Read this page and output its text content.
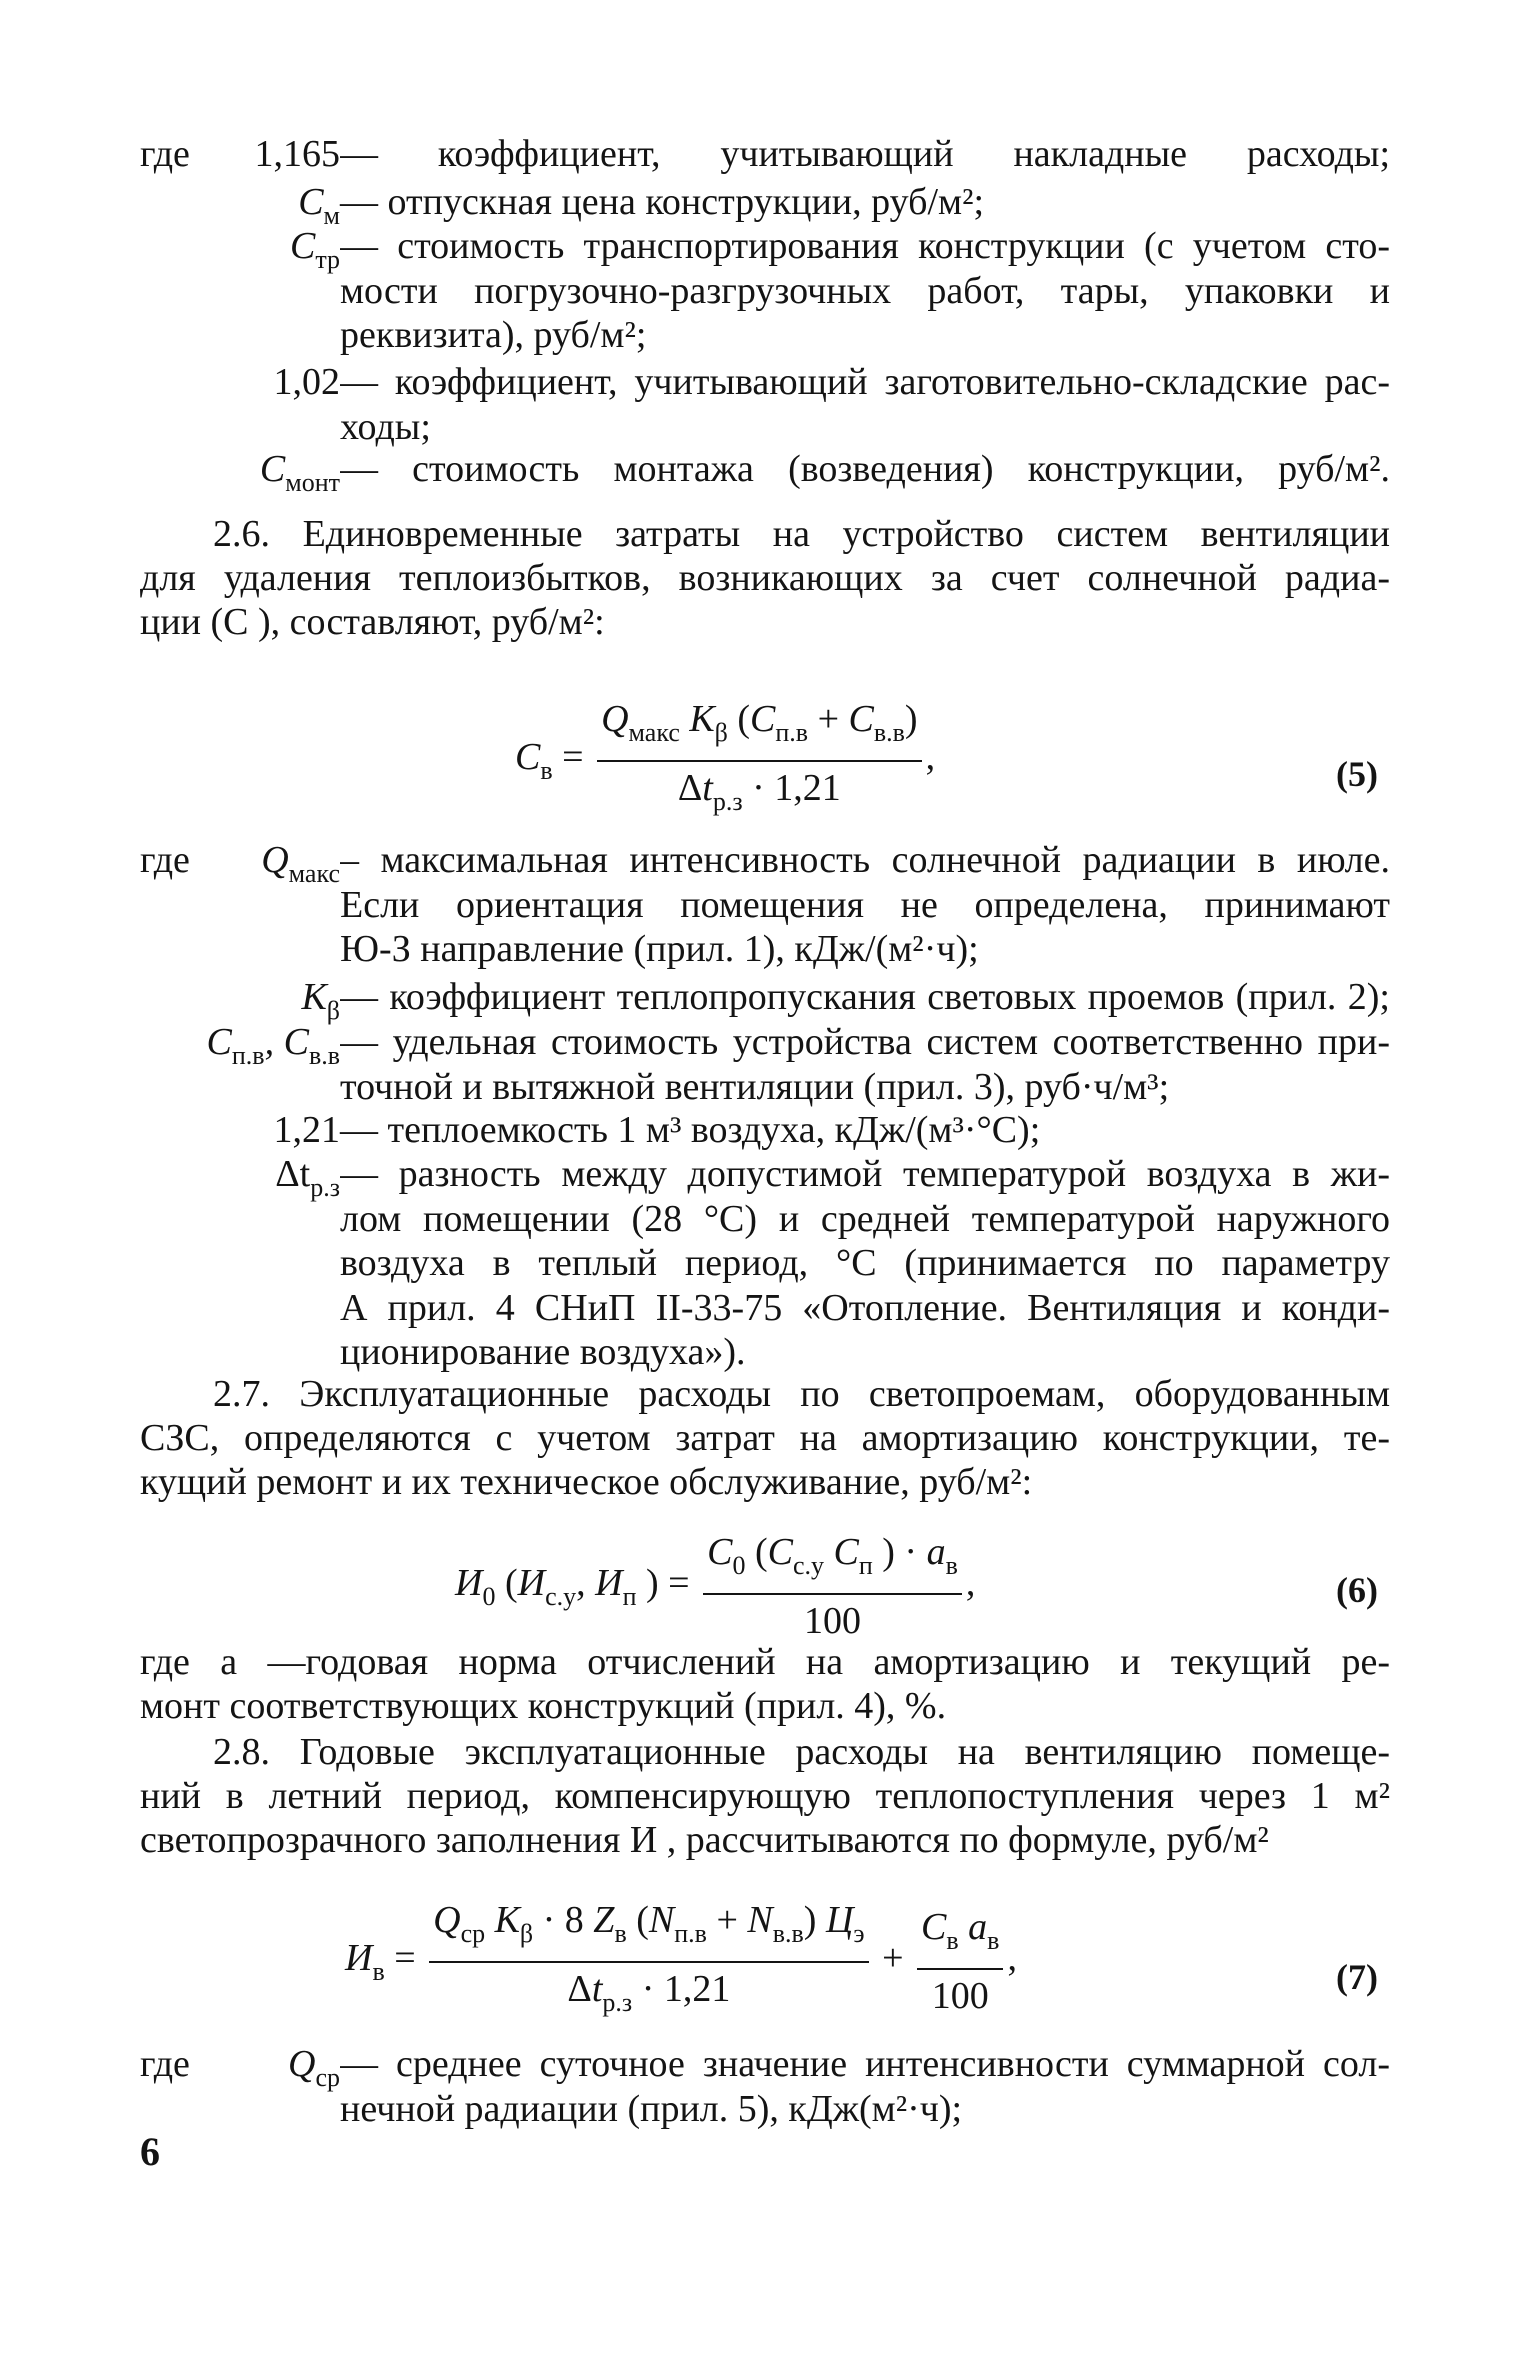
где 1,165 — коэффициент, учитывающий накладные расходы;
$С_м$ — отпускная цена конструкции, руб/м²;
$С_{тр}$ — стоимость транспортирования конструкции (с учетом сто-
мости погрузочно-разгрузочных работ, тары, упаковки и
реквизита), руб/м²;
1,02 — коэффициент, учитывающий заготовительно-складские рас-
ходы;
$С_{монт}$ — стоимость монтажа (возведения) конструкции, руб/м².
2.6. Единовременные затраты на устройство систем вентиляции
для удаления теплоизбытков, возникающих за счет солнечной радиа-
ции (С ), составляют, руб/м²:
$С_в = \frac{Q_{макс} К_\beta (С_{п.в} + С_{в.в})}{\Delta t_{р.з} \cdot 1,21}$ ,	(5)
где $Q_{макс}$ – максимальная интенсивность солнечной радиации в июле.
Если ориентация помещения не определена, принимают
Ю-З направление (прил. 1), кДж/(м²·ч);
$К_\beta$ — коэффициент теплопропускания световых проемов (прил. 2);
$С_{п.в}$, $С_{в.в}$ — удельная стоимость устройства систем соответственно при-
точной и вытяжной вентиляции (прил. 3), руб·ч/м³;
1,21 — теплоемкость 1 м³ воздуха, кДж/(м³·°С);
$\Delta t_{р.з}$ — разность между допустимой температурой воздуха в жи-
лом помещении (28 °С) и средней температурой наружного
воздуха в теплый период, °С (принимается по параметру
А прил. 4 СНиП II-33-75 «Отопление. Вентиляция и конди-
ционирование воздуха»).
2.7. Эксплуатационные расходы по светопроемам, оборудованным
СЗС, определяются с учетом затрат на амортизацию конструкции, те-
кущий ремонт и их техническое обслуживание, руб/м²:
$И_0$ ($И_{с.у}$, $И_п$ ) = $\frac{С_0 (С_{с.у} С_п ) \cdot a_в}{100}$ ,	(6)
где a —годовая норма отчислений на амортизацию и текущий ре-
монт соответствующих конструкций (прил. 4), %.
2.8. Годовые эксплуатационные расходы на вентиляцию помеще-
ний в летний период, компенсирующую теплопоступления через 1 м²
светопрозрачного заполнения И , рассчитываются по формуле, руб/м²
$И_в = \frac{Q_{ср} К_\beta \cdot 8 Z_в (N_{п.в} + N_{в.в}) Ц_э}{\Delta t_{р.з} \cdot 1,21} + \frac{С_в a_в}{100}$ ,	(7)
где	$Q_{ср}$ — среднее суточное значение интенсивности суммарной сол-
нечной радиации (прил. 5), кДж(м²·ч);
6
